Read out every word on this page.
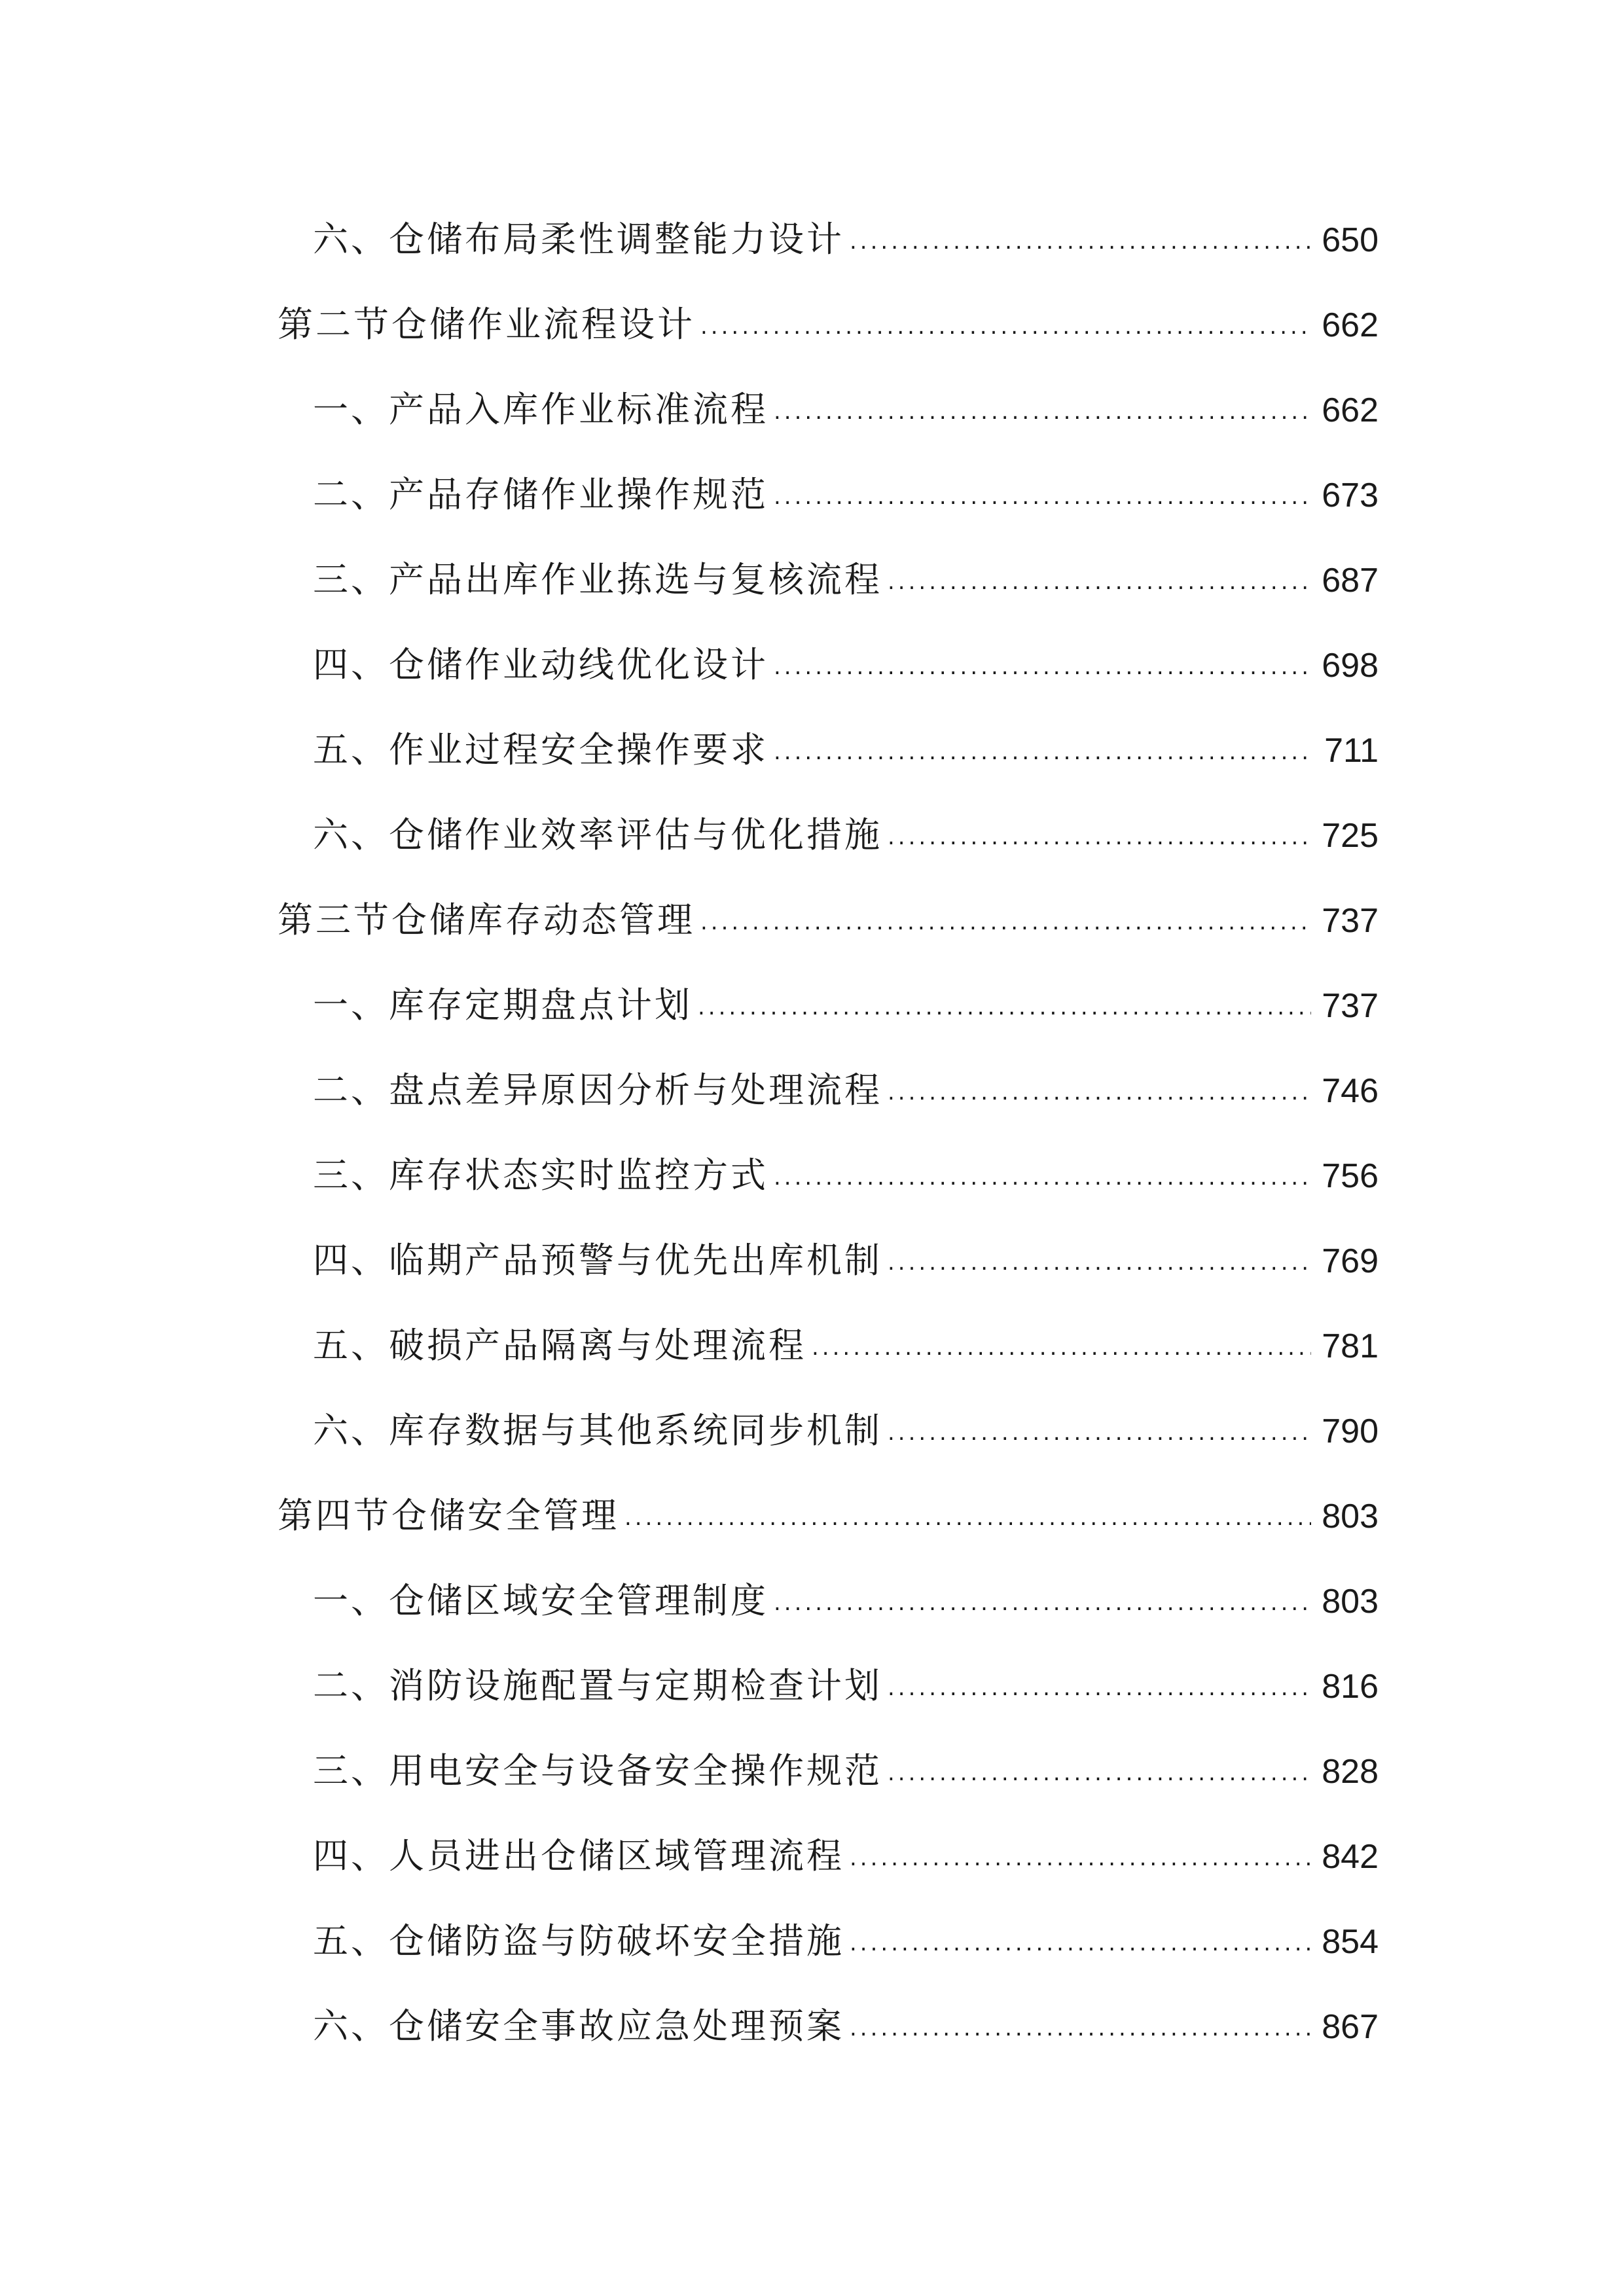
六、仓储布局柔性调整能力设计 .....	650
第二节仓储作业流程设计 .....	662
一、产品入库作业标准流程 .....	662
二、产品存储作业操作规范 .....	673
三、产品出库作业拣选与复核流程 .....	687
四、仓储作业动线优化设计 .....	698
五、作业过程安全操作要求 .....	711
六、仓储作业效率评估与优化措施 .....	725
第三节仓储库存动态管理 .....	737
一、库存定期盘点计划 .....	737
二、盘点差异原因分析与处理流程 .....	746
三、库存状态实时监控方式 .....	756
四、临期产品预警与优先出库机制 .....	769
五、破损产品隔离与处理流程 .....	781
六、库存数据与其他系统同步机制 .....	790
第四节仓储安全管理 .....	803
一、仓储区域安全管理制度 .....	803
二、消防设施配置与定期检查计划 .....	816
三、用电安全与设备安全操作规范 .....	828
四、人员进出仓储区域管理流程 .....	842
五、仓储防盗与防破坏安全措施 .....	854
六、仓储安全事故应急处理预案 .....	867
